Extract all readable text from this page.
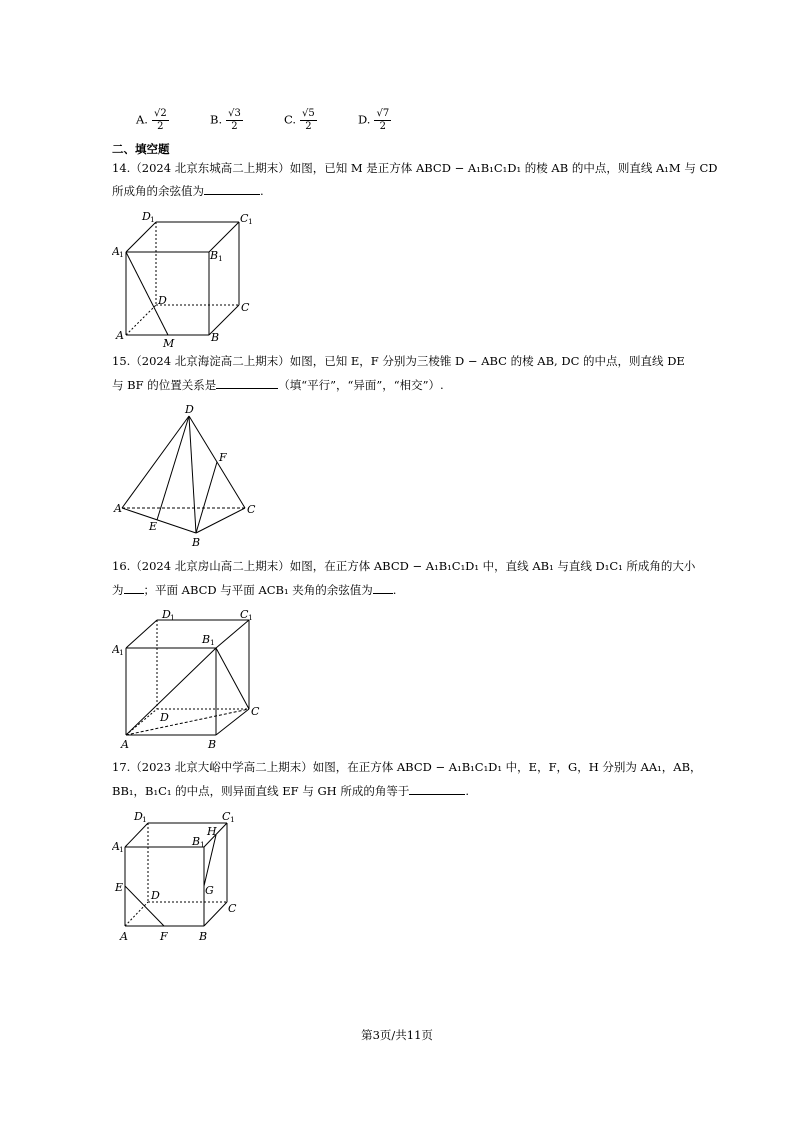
A. $\frac{√2}{2}$	B. $\frac{√3}{2}$	C. $\frac{√5}{2}$	D. $\frac{√7}{2}$
二、填空题
14.（2024 北京东城高二上期末）如图，已知 M 是正方体 ABCD − A₁B₁C₁D₁ 的棱 AB 的中点，则直线 A₁M 与 CD
所成角的余弦值为	.
D 1	C 1
A 1	B 1
D
C
A
M	B
15.（2024 北京海淀高二上期末）如图，已知 E，F 分别为三棱锥 D − ABC 的棱 AB, DC 的中点，则直线 DE
与 BF 的位置关系是	（填“平行”，“异面”，“相交”）.
D
F
A	C
E
B
16.（2024 北京房山高二上期末）如图，在正方体 ABCD − A₁B₁C₁D₁ 中，直线 AB₁ 与直线 D₁C₁ 所成角的大小
为 ；平面 ABCD 与平面 ACB₁ 夹角的余弦值为 .
D 1	C 1
A 1
B 1
D	C
A	B
17.（2023 北京大峪中学高二上期末）如图，在正方体 ABCD − A₁B₁C₁D₁ 中，E，F，G，H 分别为 AA₁，AB，
BB₁，B₁C₁ 的中点，则异面直线 EF 与 GH 所成的角等于	.
D 1	C 1
H
A 1
B 1
E
D	G
C
A	F	B
第3页/共11页
